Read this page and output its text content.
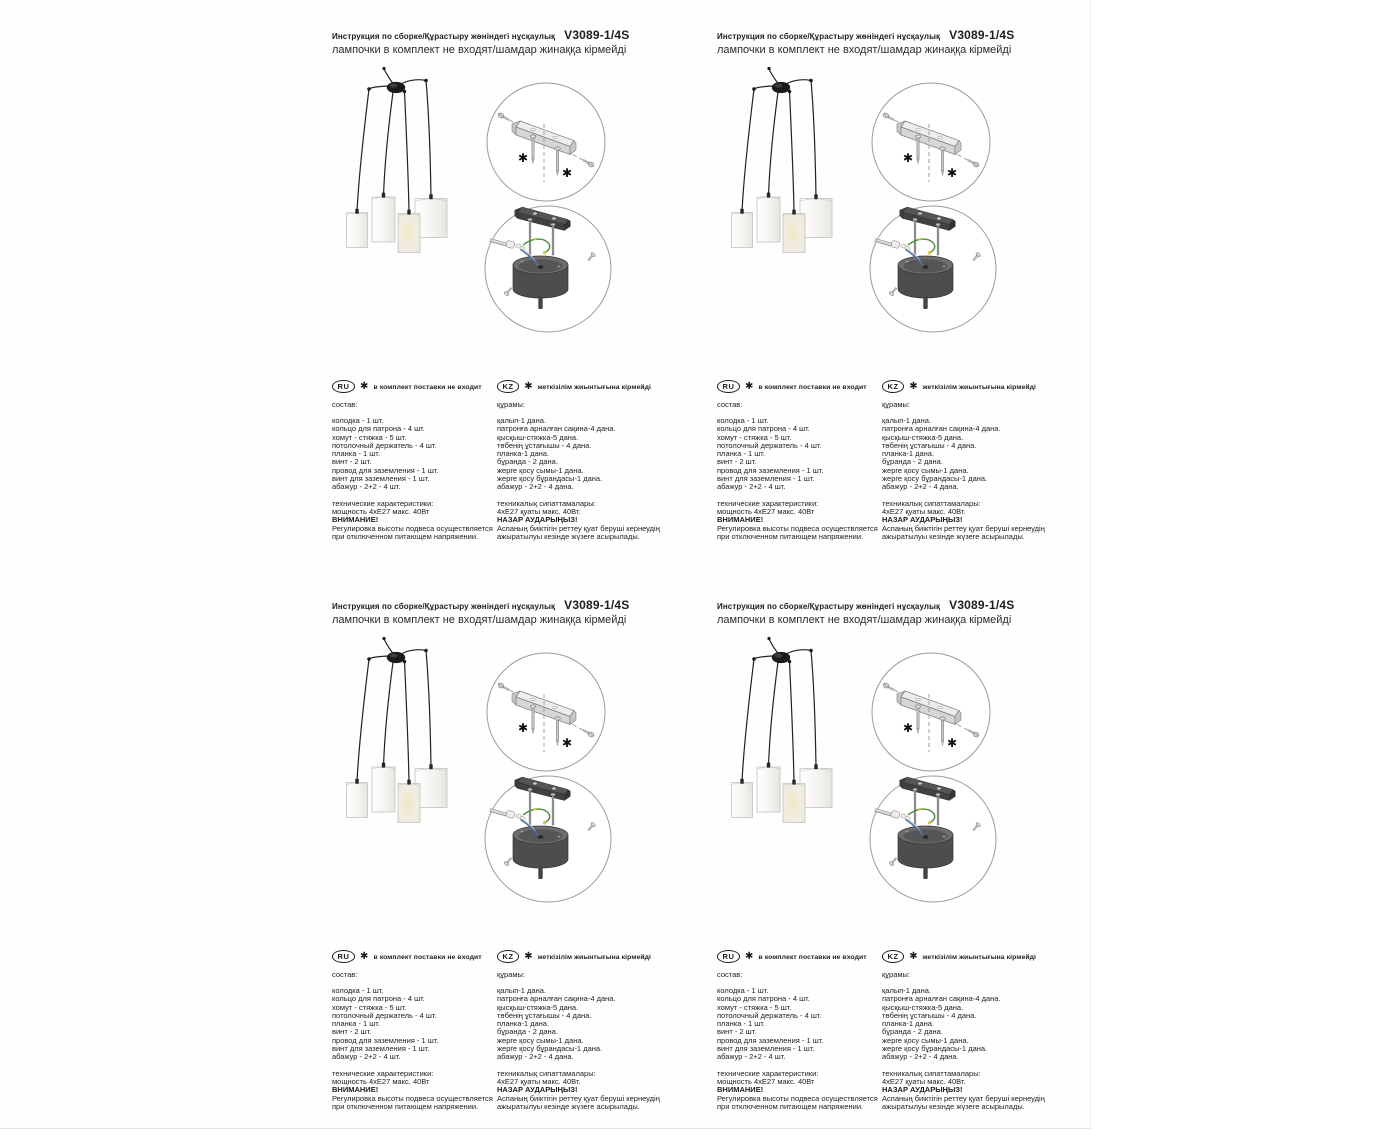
Инструкция по сборке/Құрастыру жөніндегі нұсқаулық V3089-1/4S
лампочки в комплект не входят/шамдар жинаққа кірмейді
✱
✱
RU	✱ в комплект поставки не входит
состав:
колодка - 1 шт.
кольцо для патрона - 4 шт.
хомут - стяжка - 5 шт.
потолочный держатель - 4 шт.
планка - 1 шт.
винт - 2 шт.
провод для заземления - 1 шт.
винт для заземления - 1 шт.
абажур - 2+2 - 4 шт.
технические характеристики:
мощность 4хЕ27 макс. 40Вт
ВНИМАНИЕ!
Регулировка высоты подвеса осуществляется при отключенном питающем напряжении.
KZ	✱ жеткізілім жиынтығына кірмейді
құрамы:
қалып-1 дана.
патронға арналған сақина-4 дана.
қысқыш-стяжка-5 дана.
төбенің ұстағышы - 4 дана.
планка-1 дана.
бұранда - 2 дана.
жерге қосу сымы-1 дана.
жерге қосу бұрандасы-1 дана.
абажур - 2+2 - 4 дана.
техникалық сипаттамалары:
4хЕ27 қуаты макс. 40Вт.
НАЗАР АУДАРЫҢЫЗ!
Аспаның биіктігін реттеу қуат беруші кернеудің ажыратылуы кезінде жүзеге асырылады.
Инструкция по сборке/Құрастыру жөніндегі нұсқаулық V3089-1/4S
лампочки в комплект не входят/шамдар жинаққа кірмейді
✱
✱
RU	✱ в комплект поставки не входит
состав:
колодка - 1 шт.
кольцо для патрона - 4 шт.
хомут - стяжка - 5 шт.
потолочный держатель - 4 шт.
планка - 1 шт.
винт - 2 шт.
провод для заземления - 1 шт.
винт для заземления - 1 шт.
абажур - 2+2 - 4 шт.
технические характеристики:
мощность 4хЕ27 макс. 40Вт
ВНИМАНИЕ!
Регулировка высоты подвеса осуществляется при отключенном питающем напряжении.
KZ	✱ жеткізілім жиынтығына кірмейді
құрамы:
қалып-1 дана.
патронға арналған сақина-4 дана.
қысқыш-стяжка-5 дана.
төбенің ұстағышы - 4 дана.
планка-1 дана.
бұранда - 2 дана.
жерге қосу сымы-1 дана.
жерге қосу бұрандасы-1 дана.
абажур - 2+2 - 4 дана.
техникалық сипаттамалары:
4хЕ27 қуаты макс. 40Вт.
НАЗАР АУДАРЫҢЫЗ!
Аспаның биіктігін реттеу қуат беруші кернеудің ажыратылуы кезінде жүзеге асырылады.
Инструкция по сборке/Құрастыру жөніндегі нұсқаулық V3089-1/4S
лампочки в комплект не входят/шамдар жинаққа кірмейді
✱
✱
RU	✱ в комплект поставки не входит
состав:
колодка - 1 шт.
кольцо для патрона - 4 шт.
хомут - стяжка - 5 шт.
потолочный держатель - 4 шт.
планка - 1 шт.
винт - 2 шт.
провод для заземления - 1 шт.
винт для заземления - 1 шт.
абажур - 2+2 - 4 шт.
технические характеристики:
мощность 4хЕ27 макс. 40Вт
ВНИМАНИЕ!
Регулировка высоты подвеса осуществляется при отключенном питающем напряжении.
KZ	✱ жеткізілім жиынтығына кірмейді
құрамы:
қалып-1 дана.
патронға арналған сақина-4 дана.
қысқыш-стяжка-5 дана.
төбенің ұстағышы - 4 дана.
планка-1 дана.
бұранда - 2 дана.
жерге қосу сымы-1 дана.
жерге қосу бұрандасы-1 дана.
абажур - 2+2 - 4 дана.
техникалық сипаттамалары:
4хЕ27 қуаты макс. 40Вт.
НАЗАР АУДАРЫҢЫЗ!
Аспаның биіктігін реттеу қуат беруші кернеудің ажыратылуы кезінде жүзеге асырылады.
Инструкция по сборке/Құрастыру жөніндегі нұсқаулық V3089-1/4S
лампочки в комплект не входят/шамдар жинаққа кірмейді
✱
✱
RU	✱ в комплект поставки не входит
состав:
колодка - 1 шт.
кольцо для патрона - 4 шт.
хомут - стяжка - 5 шт.
потолочный держатель - 4 шт.
планка - 1 шт.
винт - 2 шт.
провод для заземления - 1 шт.
винт для заземления - 1 шт.
абажур - 2+2 - 4 шт.
технические характеристики:
мощность 4хЕ27 макс. 40Вт
ВНИМАНИЕ!
Регулировка высоты подвеса осуществляется при отключенном питающем напряжении.
KZ	✱ жеткізілім жиынтығына кірмейді
құрамы:
қалып-1 дана.
патронға арналған сақина-4 дана.
қысқыш-стяжка-5 дана.
төбенің ұстағышы - 4 дана.
планка-1 дана.
бұранда - 2 дана.
жерге қосу сымы-1 дана.
жерге қосу бұрандасы-1 дана.
абажур - 2+2 - 4 дана.
техникалық сипаттамалары:
4хЕ27 қуаты макс. 40Вт.
НАЗАР АУДАРЫҢЫЗ!
Аспаның биіктігін реттеу қуат беруші кернеудің ажыратылуы кезінде жүзеге асырылады.
